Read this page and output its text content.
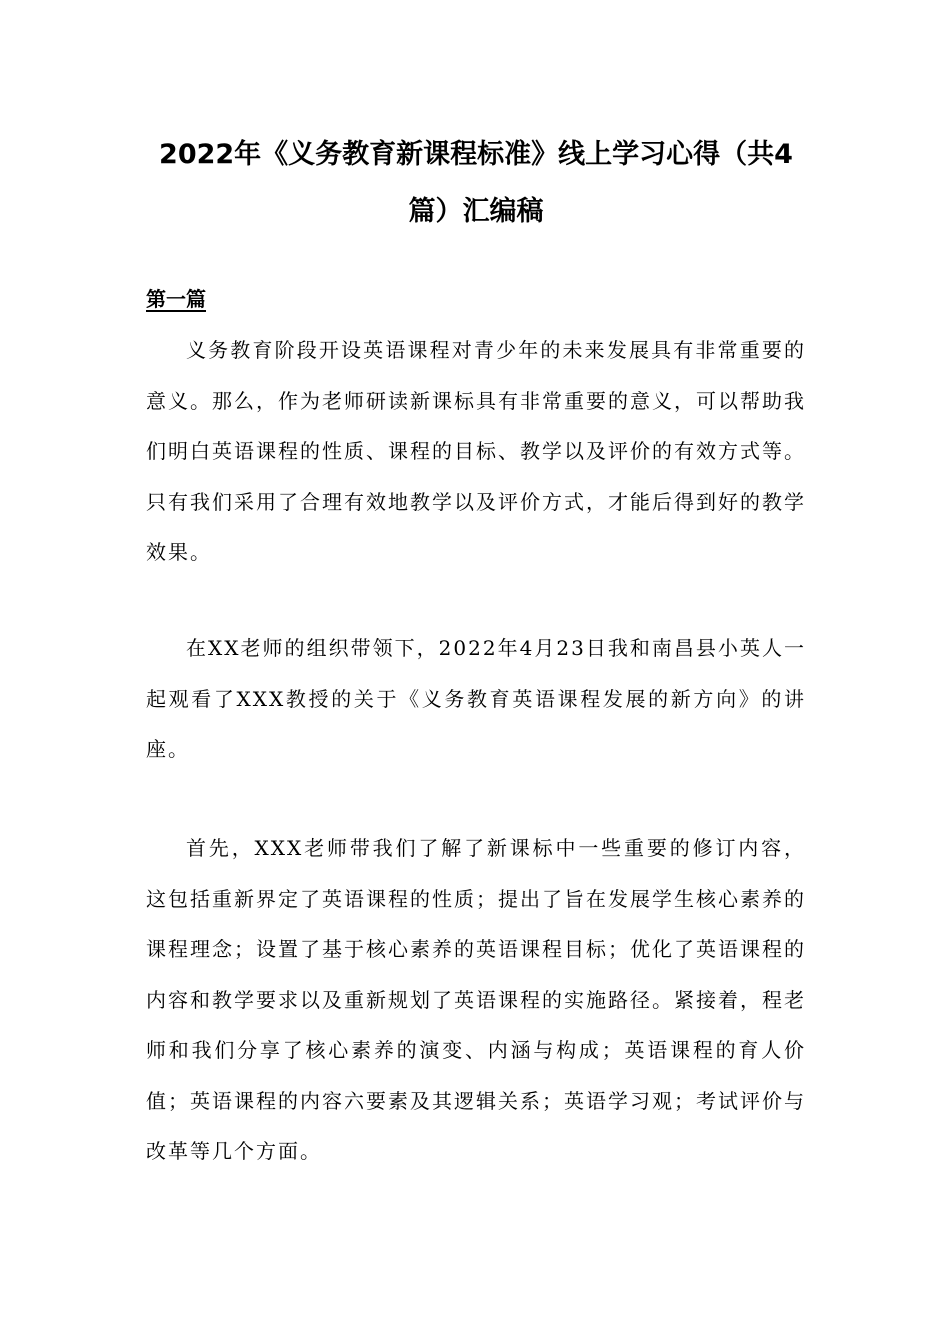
2022年《义务教育新课程标准》线上学习心得（共4篇）汇编稿
第一篇

义务教育阶段开设英语课程对青少年的未来发展具有非常重要的意义。那么，作为老师研读新课标具有非常重要的意义，可以帮助我们明白英语课程的性质、课程的目标、教学以及评价的有效方式等。只有我们采用了合理有效地教学以及评价方式，才能后得到好的教学效果。

在XX老师的组织带领下，2022年4月23日我和南昌县小英人一起观看了XXX教授的关于《义务教育英语课程发展的新方向》的讲座。

首先，XXX老师带我们了解了新课标中一些重要的修订内容，这包括重新界定了英语课程的性质；提出了旨在发展学生核心素养的课程理念；设置了基于核心素养的英语课程目标；优化了英语课程的内容和教学要求以及重新规划了英语课程的实施路径。紧接着，程老师和我们分享了核心素养的演变、内涵与构成；英语课程的育人价值；英语课程的内容六要素及其逻辑关系；英语学习观；考试评价与改革等几个方面。
